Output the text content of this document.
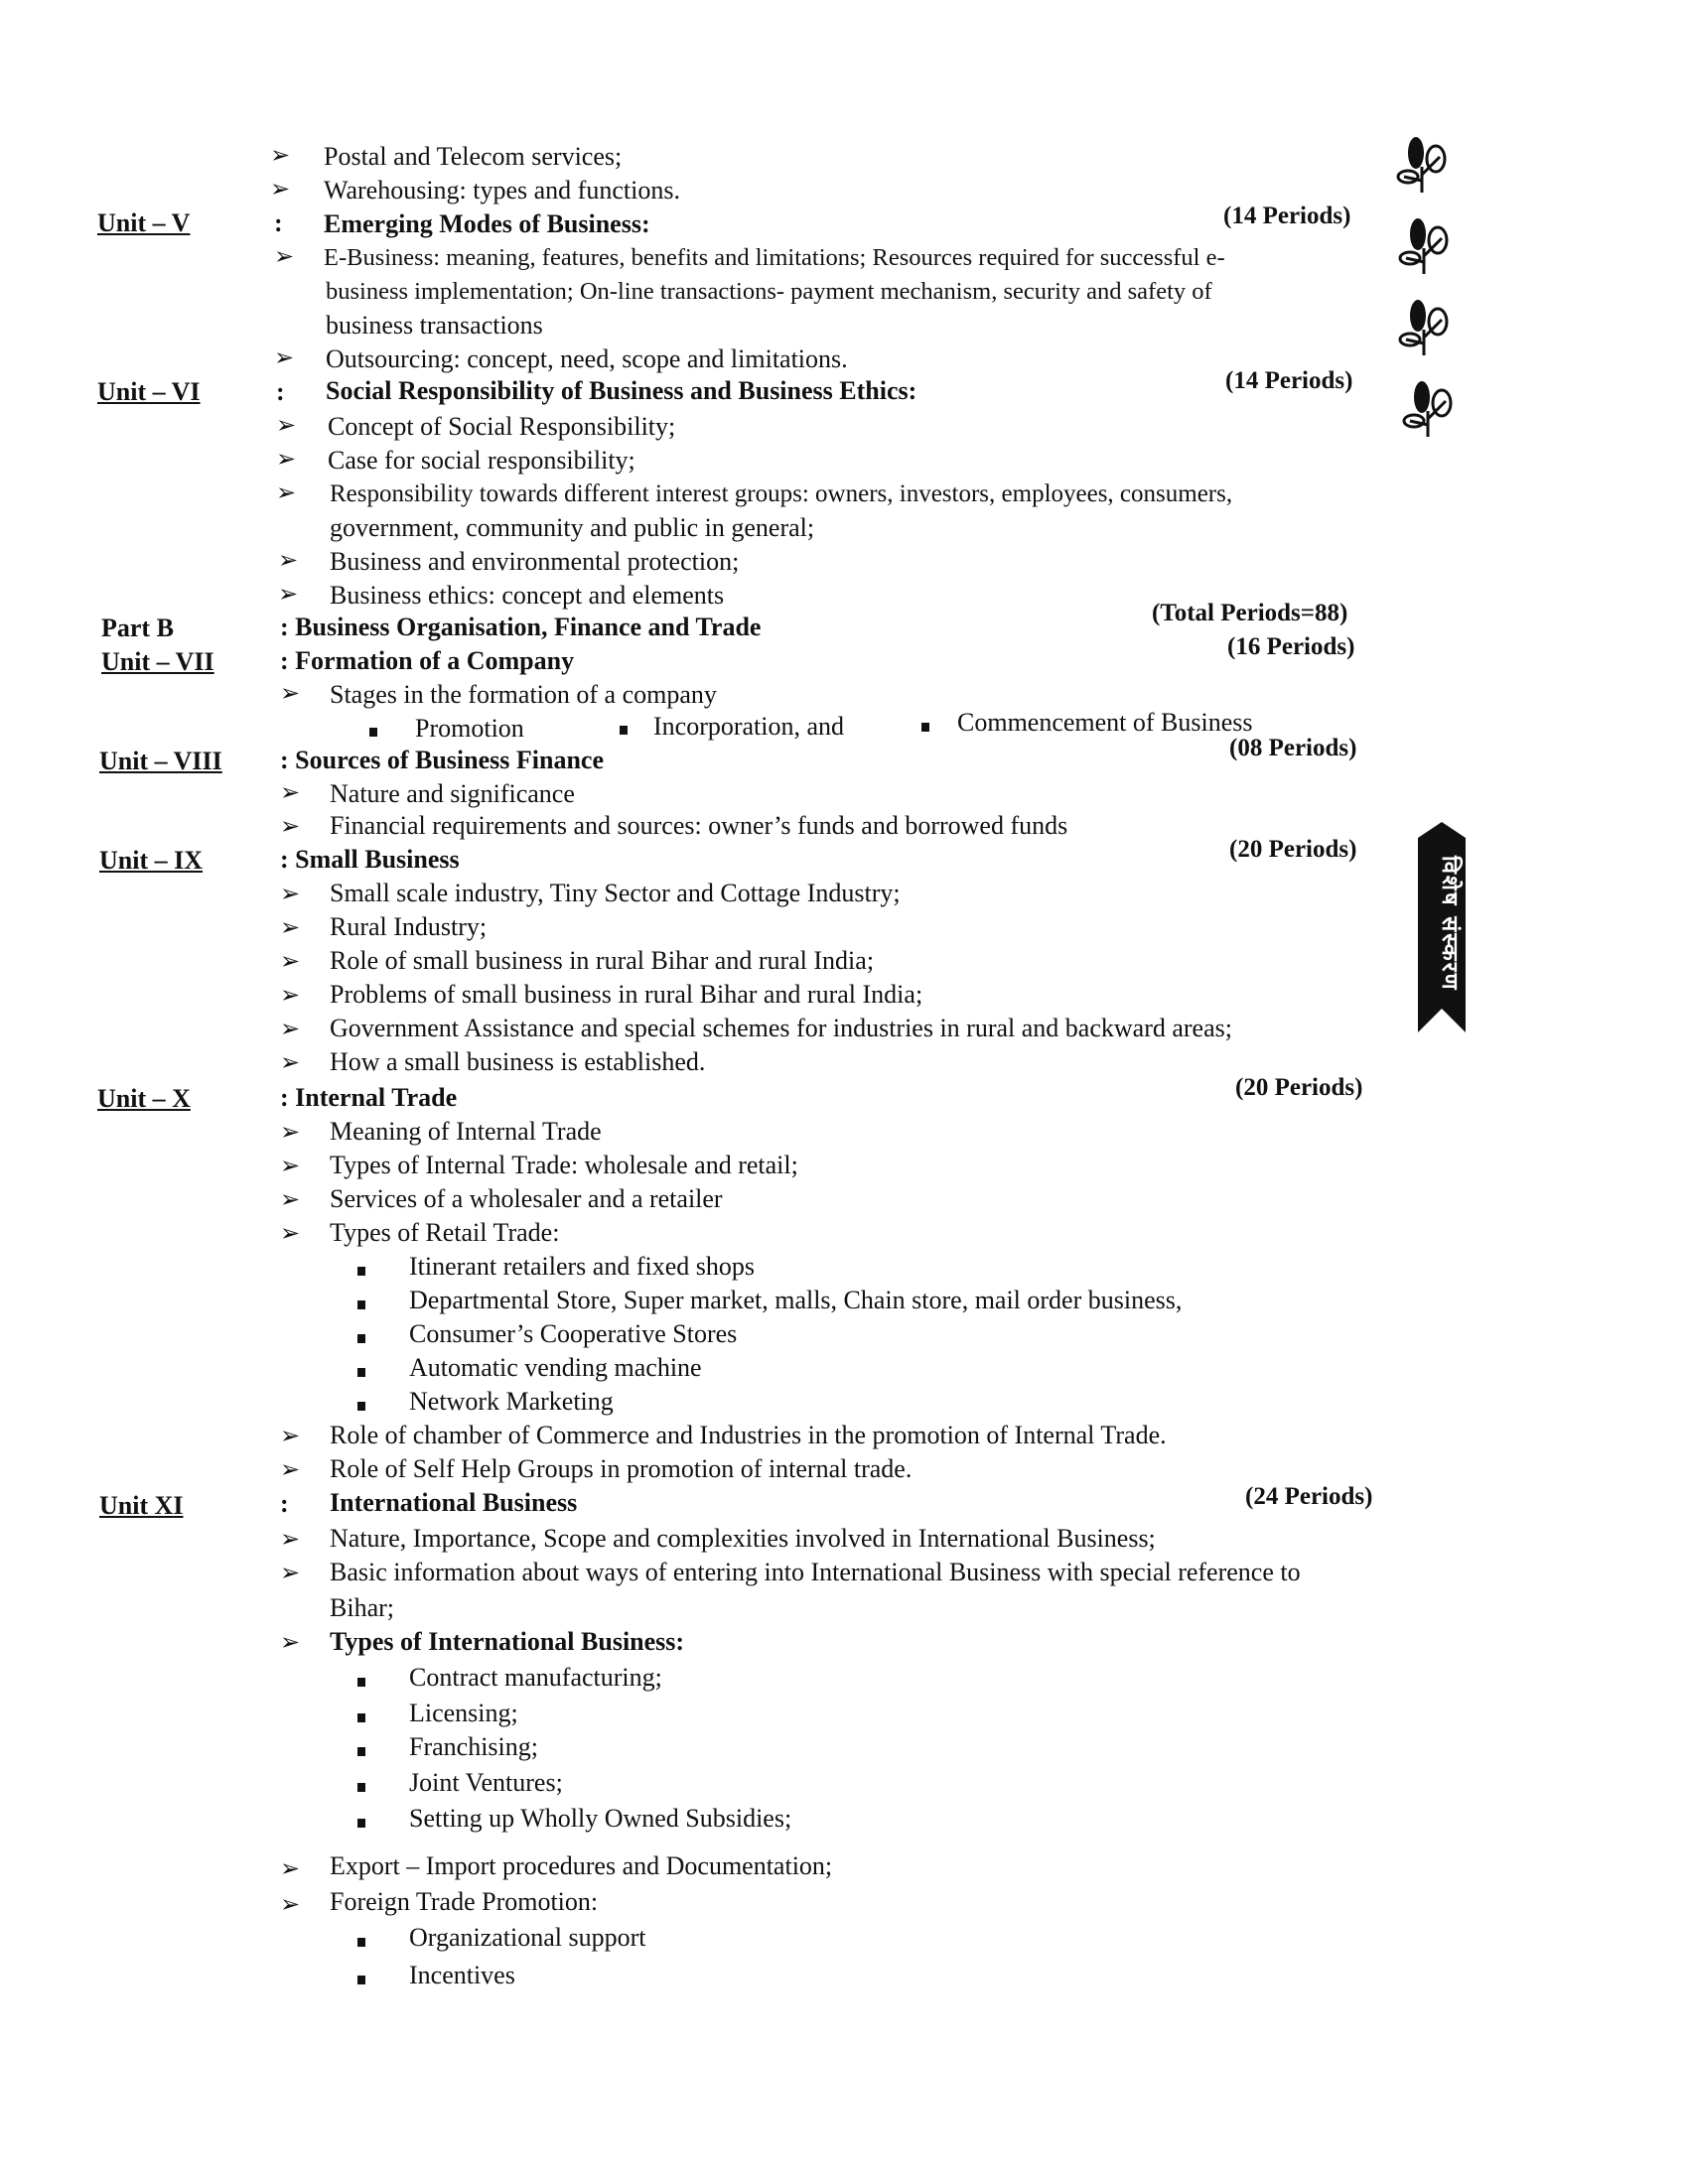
➢ Postal and Telecom services;
➢ Warehousing: types and functions.
Unit – V	: Emerging Modes of Business:	(14 Periods)
➢ E-Business: meaning, features, benefits and limitations; Resources required for successful e-
business implementation; On-line transactions- payment mechanism, security and safety of
business transactions
➢ Outsourcing: concept, need, scope and limitations.
Unit – VI	: Social Responsibility of Business and Business Ethics:	(14 Periods)
➢ Concept of Social Responsibility;
➢ Case for social responsibility;
➢ Responsibility towards different interest groups: owners, investors, employees, consumers,
government, community and public in general;
➢ Business and environmental protection;
➢ Business ethics: concept and elements
Part B	: Business Organisation, Finance and Trade	(Total Periods=88)
Unit – VII	: Formation of a Company	(16 Periods)
➢ Stages in the formation of a company
Promotion	Incorporation, and	Commencement of Business
Unit – VIII : Sources of Business Finance	(08 Periods)
➢ Nature and significance
➢ Financial requirements and sources: owner’s funds and borrowed funds
Unit – IX	: Small Business	(20 Periods)
➢ Small scale industry, Tiny Sector and Cottage Industry;
➢ Rural Industry;
➢ Role of small business in rural Bihar and rural India;
➢ Problems of small business in rural Bihar and rural India;
➢ Government Assistance and special schemes for industries in rural and backward areas;
➢ How a small business is established.
Unit – X	: Internal Trade	(20 Periods)
➢ Meaning of Internal Trade
➢ Types of Internal Trade: wholesale and retail;
➢ Services of a wholesaler and a retailer
➢ Types of Retail Trade:
Itinerant retailers and fixed shops
Departmental Store, Super market, malls, Chain store, mail order business,
Consumer’s Cooperative Stores
Automatic vending machine
Network Marketing
➢ Role of chamber of Commerce and Industries in the promotion of Internal Trade.
➢ Role of Self Help Groups in promotion of internal trade.
Unit XI	: International Business	(24 Periods)
➢ Nature, Importance, Scope and complexities involved in International Business;
➢ Basic information about ways of entering into International Business with special reference to
Bihar;
➢ Types of International Business:
Contract manufacturing;
Licensing;
Franchising;
Joint Ventures;
Setting up Wholly Owned Subsidies;
➢ Export – Import procedures and Documentation;
➢ Foreign Trade Promotion:
Organizational support
Incentives
विशेष संस्करण
